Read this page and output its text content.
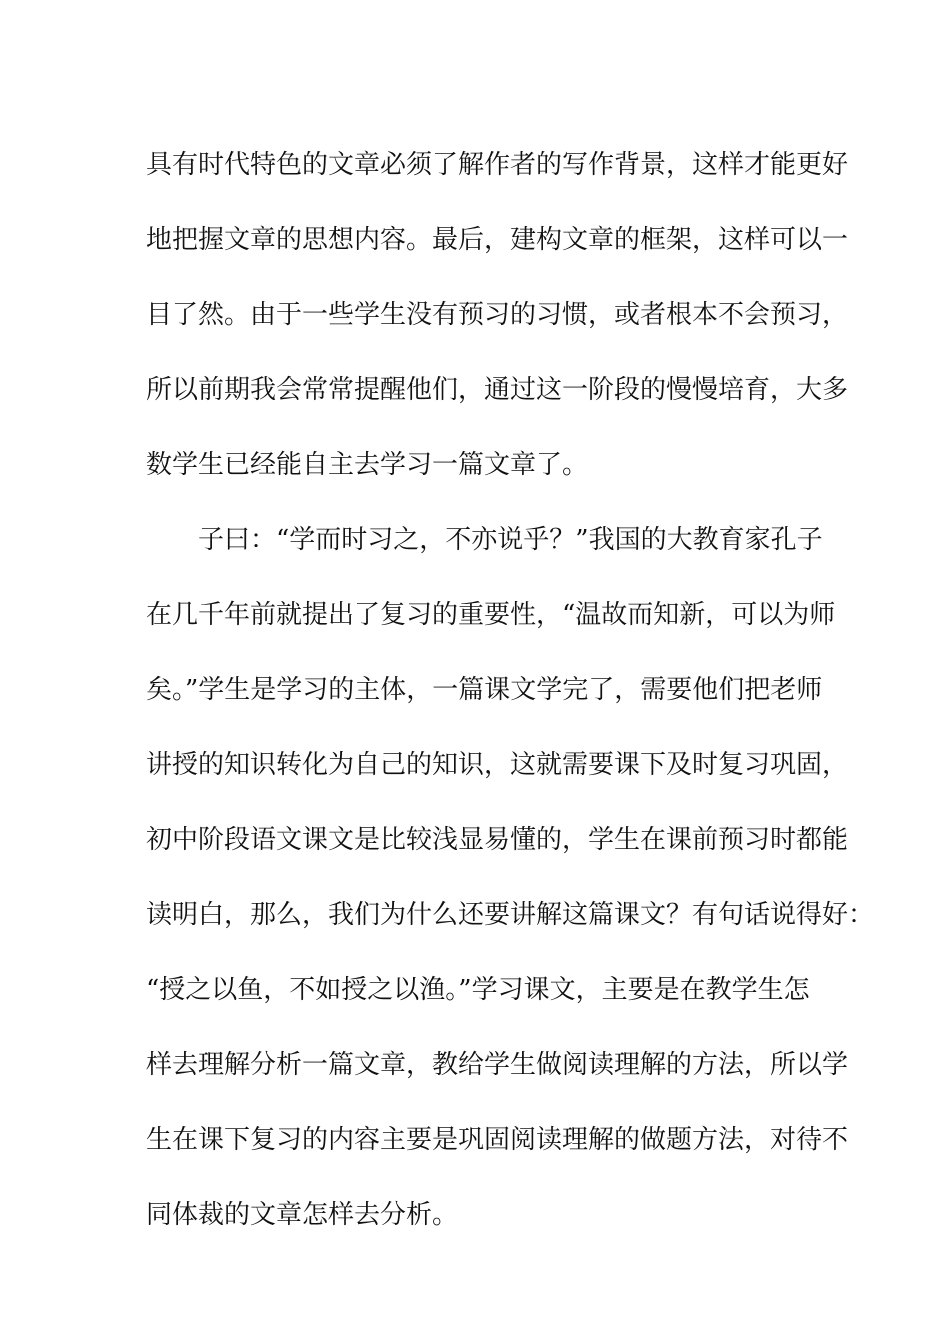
具有时代特色的文章必须了解作者的写作背景，这样才能更好
地把握文章的思想内容。最后，建构文章的框架，这样可以一
目了然。由于一些学生没有预习的习惯，或者根本不会预习，
所以前期我会常常提醒他们，通过这一阶段的慢慢培育，大多
数学生已经能自主去学习一篇文章了。
子曰：“学而时习之，不亦说乎？”我国的大教育家孔子
在几千年前就提出了复习的重要性，“温故而知新，可以为师
矣。”学生是学习的主体，一篇课文学完了，需要他们把老师
讲授的知识转化为自己的知识，这就需要课下及时复习巩固，
初中阶段语文课文是比较浅显易懂的，学生在课前预习时都能
读明白，那么，我们为什么还要讲解这篇课文？有句话说得好：
“授之以鱼，不如授之以渔。”学习课文，主要是在教学生怎
样去理解分析一篇文章，教给学生做阅读理解的方法，所以学
生在课下复习的内容主要是巩固阅读理解的做题方法，对待不
同体裁的文章怎样去分析。
